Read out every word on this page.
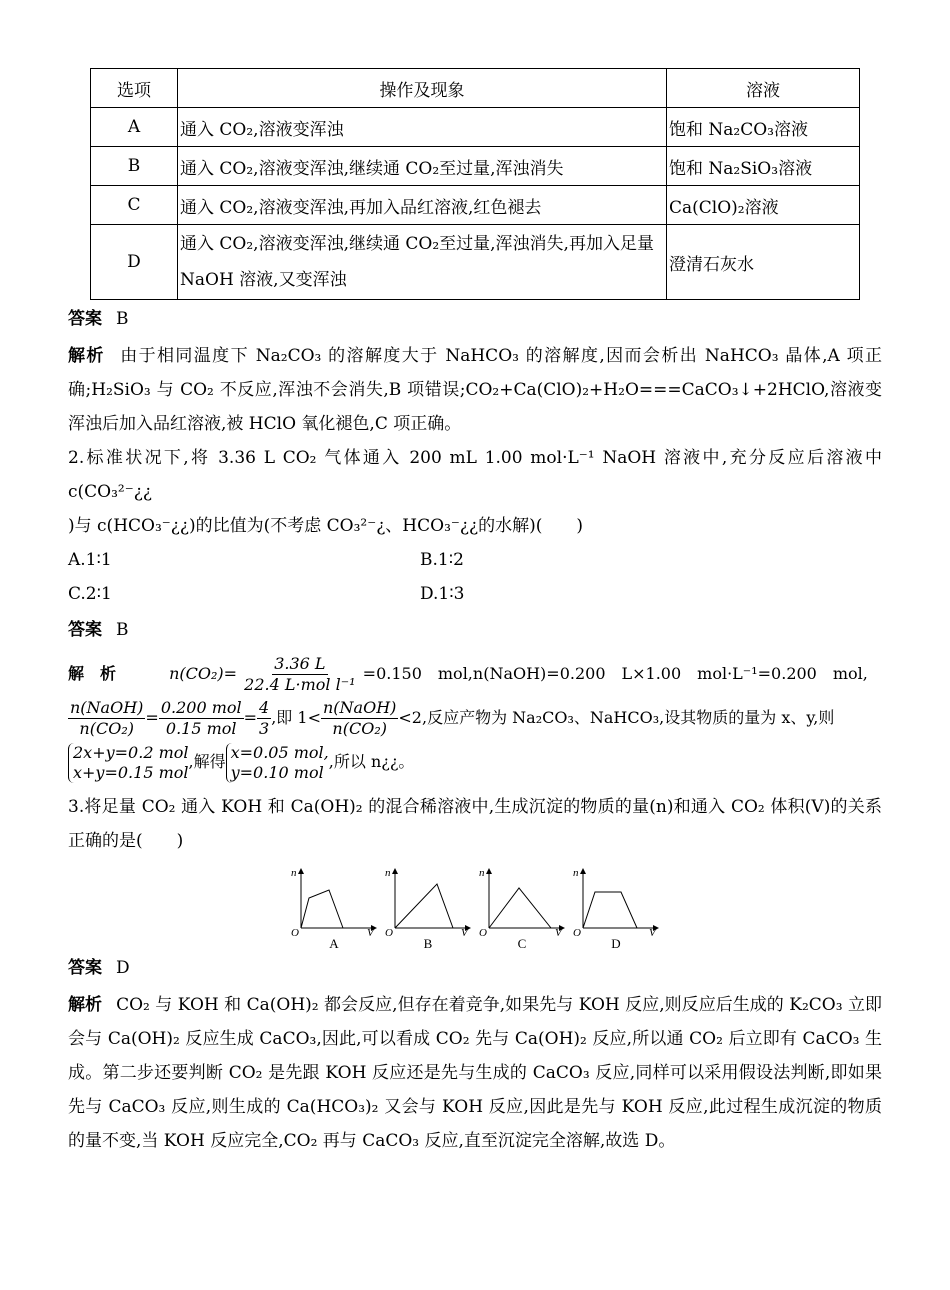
选项	操作及现象	溶液
A	通入 CO₂,溶液变浑浊	饱和 Na₂CO₃溶液
B	通入 CO₂,溶液变浑浊,继续通 CO₂至过量,浑浊消失	饱和 Na₂SiO₃溶液
C	通入 CO₂,溶液变浑浊,再加入品红溶液,红色褪去	Ca(ClO)₂溶液
D	通入 CO₂,溶液变浑浊,继续通 CO₂至过量,浑浊消失,再加入足量 NaOH 溶液,又变浑浊	澄清石灰水
答案 B
解析 由于相同温度下 Na₂CO₃ 的溶解度大于 NaHCO₃ 的溶解度,因而会析出 NaHCO₃ 晶体,A 项正确;H₂SiO₃ 与 CO₂ 不反应,浑浊不会消失,B 项错误;CO₂+Ca(ClO)₂+H₂O===CaCO₃↓+2HClO,溶液变浑浊后加入品红溶液,被 HClO 氧化褪色,C 项正确。

2.标准状况下,将 3.36 L CO₂ 气体通入 200 mL 1.00 mol·L⁻¹ NaOH 溶液中,充分反应后溶液中 c(CO₃²⁻¿¿

)与 c(HCO₃⁻¿¿)的比值为(不考虑 CO₃²⁻¿、HCO₃⁻¿¿的水解)(　　)

A.1∶1	B.1∶2
C.2∶1	D.1∶3
答案 B
解　析	$n(CO_2)= \frac{3.36 L}{\text{22.4 L·mol l⁻¹}} =0.150$　mol,n(NaOH)=0.200　L×1.00　mol·L⁻¹=0.200　mol,
$\frac{\text{n(NaOH)}}{\text{n(CO₂)}} = \frac{\text{0.200 mol}}{\text{0.15 mol}} = \frac{4}{3}$ ,即 $1< \frac{\text{n(NaOH)}}{\text{n(CO₂)}} <2$,反应产物为 Na₂CO₃、NaHCO₃,设其物质的量为 x、y,则
2x+y=0.2 mol
x+y=0.15 mol,解得 x=0.05 mol,
y=0.10 mol,所以 n¿¿。
3.将足量 CO₂ 通入 KOH 和 Ca(OH)₂ 的混合稀溶液中,生成沉淀的物质的量(n)和通入 CO₂ 体积(V)的关系正确的是(　　)
n
O	V
A
n
O	V
B
n
O	V
C
n
O	V
D
答案 D
解析 CO₂ 与 KOH 和 Ca(OH)₂ 都会反应,但存在着竞争,如果先与 KOH 反应,则反应后生成的 K₂CO₃ 立即会与 Ca(OH)₂ 反应生成 CaCO₃,因此,可以看成 CO₂ 先与 Ca(OH)₂ 反应,所以通 CO₂ 后立即有 CaCO₃ 生成。第二步还要判断 CO₂ 是先跟 KOH 反应还是先与生成的 CaCO₃ 反应,同样可以采用假设法判断,即如果先与 CaCO₃ 反应,则生成的 Ca(HCO₃)₂ 又会与 KOH 反应,因此是先与 KOH 反应,此过程生成沉淀的物质的量不变,当 KOH 反应完全,CO₂ 再与 CaCO₃ 反应,直至沉淀完全溶解,故选 D。
